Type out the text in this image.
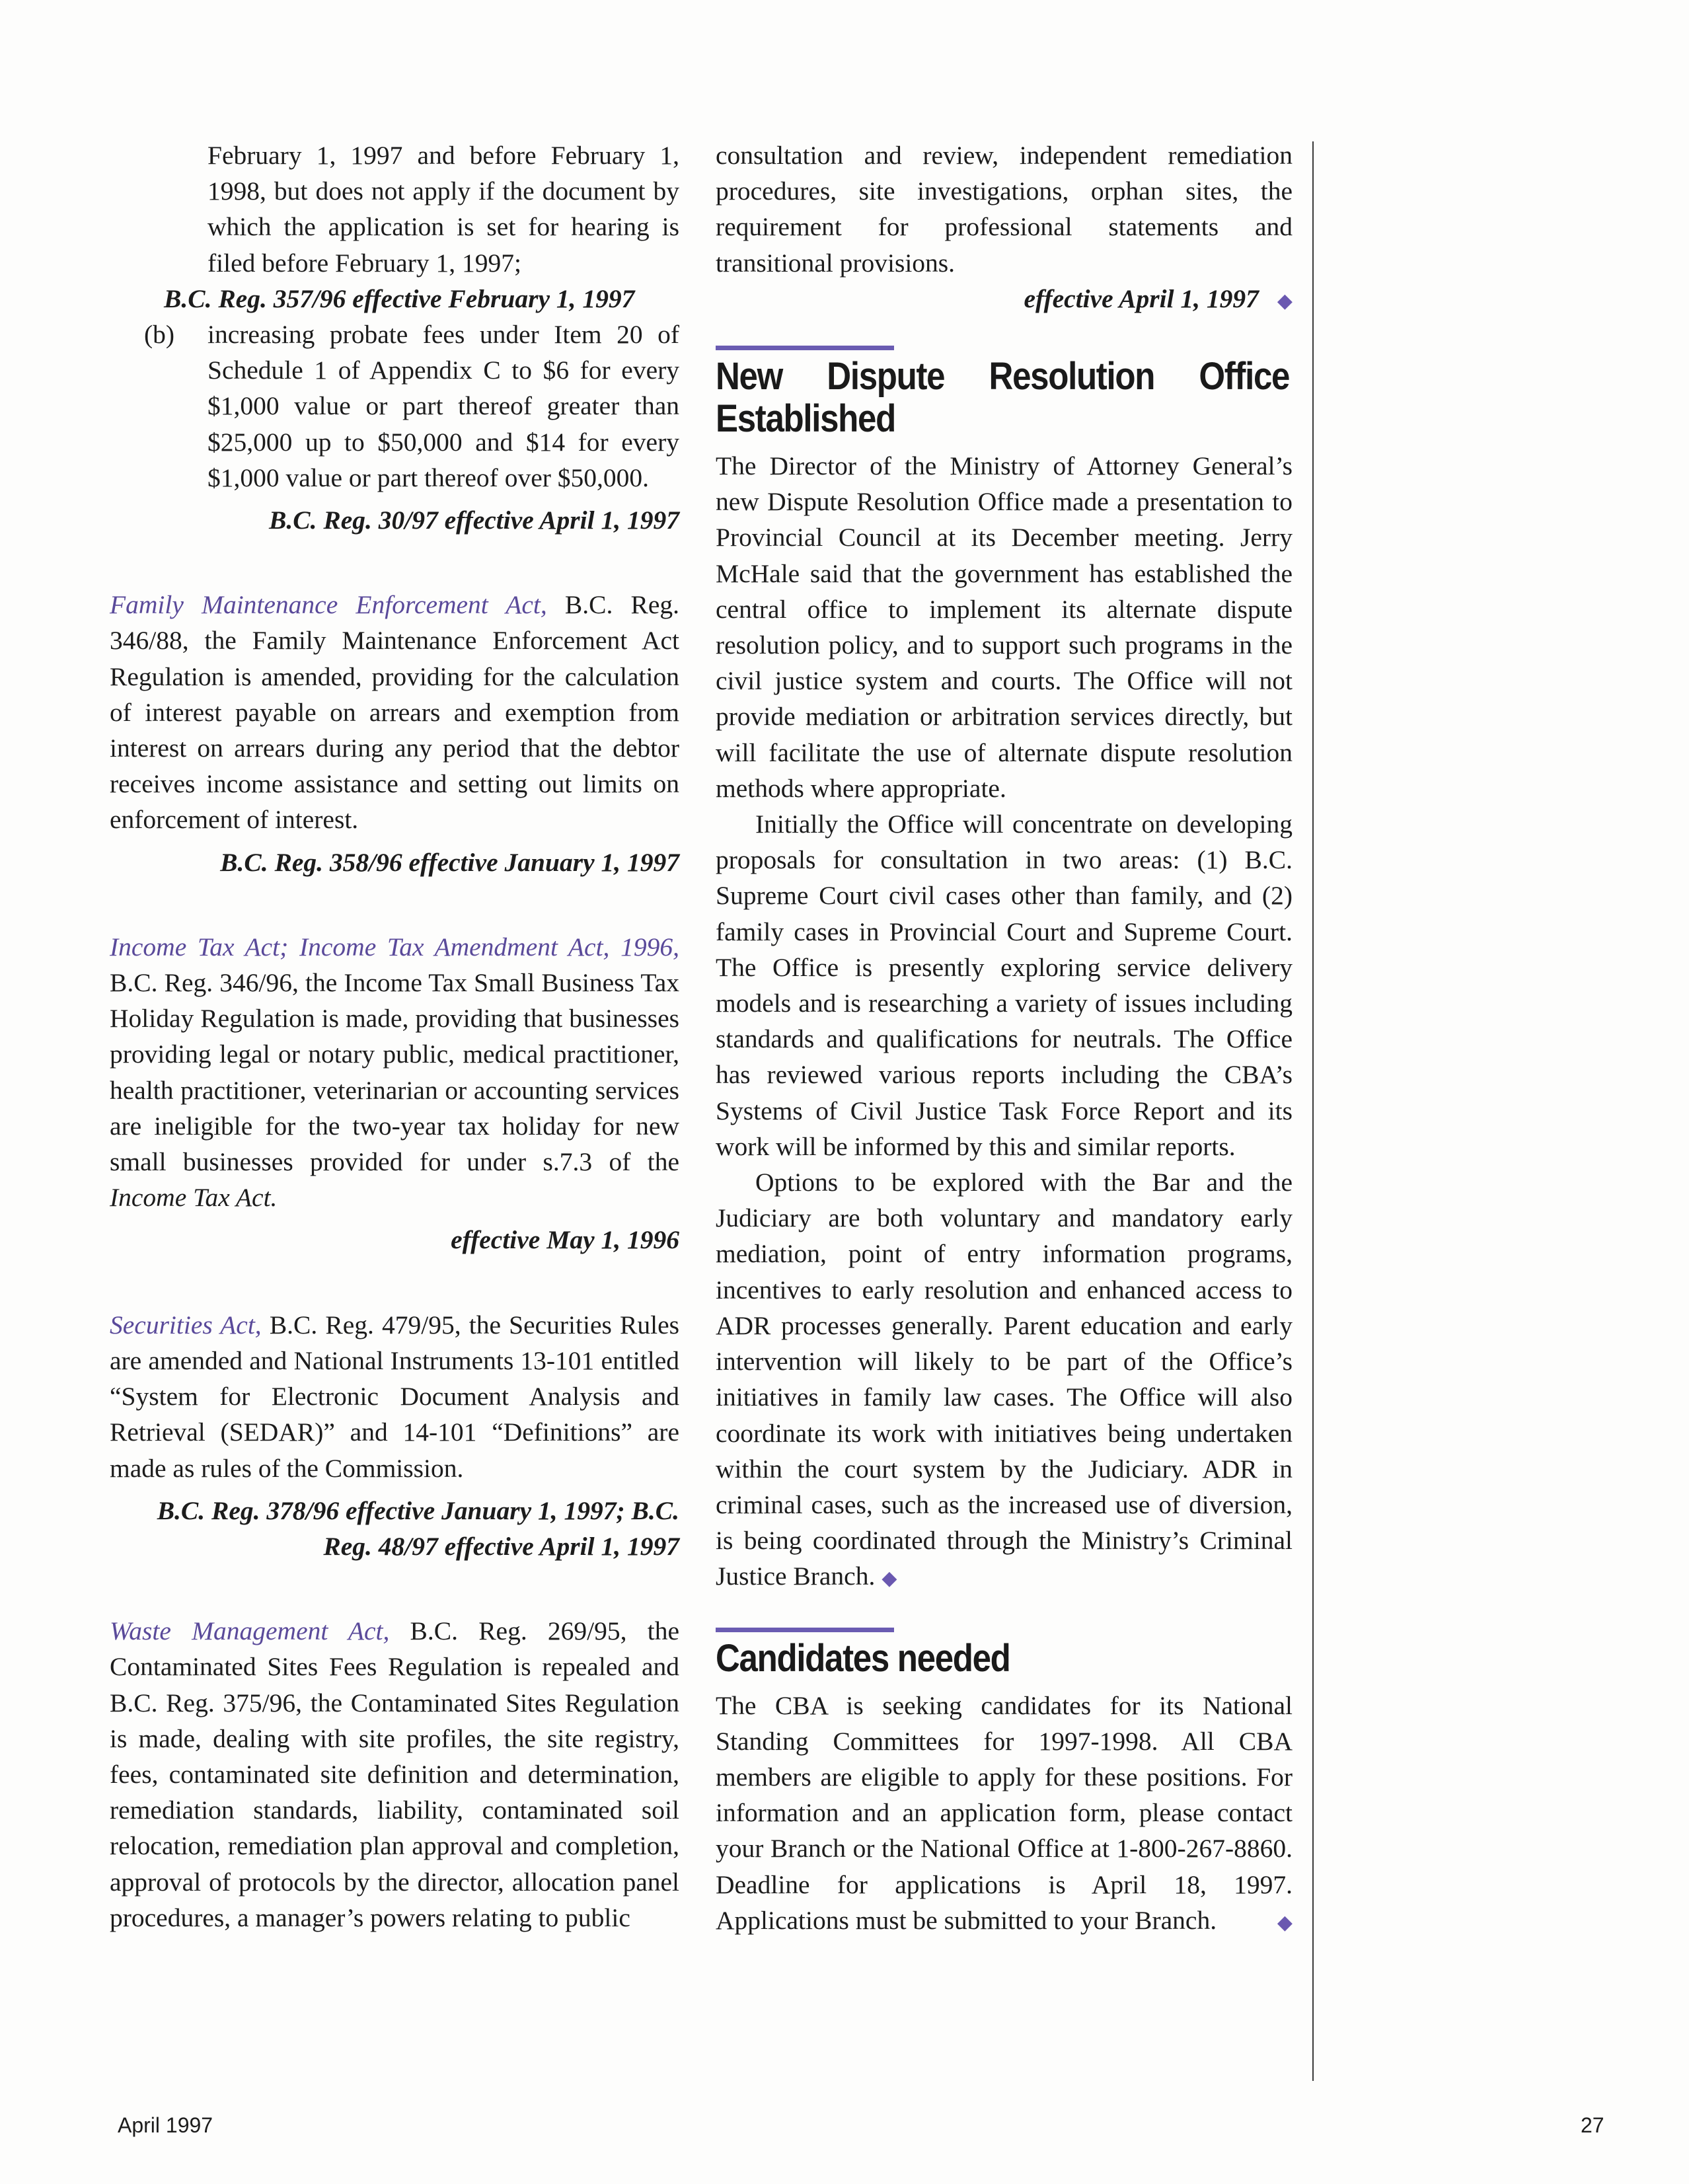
February 1, 1997 and before February 1, 1998, but does not apply if the document by which the application is set for hearing is filed before February 1, 1997;

B.C. Reg. 357/96 effective February 1, 1997

(b) increasing probate fees under Item 20 of Schedule 1 of Appendix C to $6 for every $1,000 value or part thereof greater than $25,000 up to $50,000 and $14 for every $1,000 value or part thereof over $50,000.

B.C. Reg. 30/97 effective April 1, 1997

Family Maintenance Enforcement Act, B.C. Reg. 346/88, the Family Maintenance Enforcement Act Regulation is amended, providing for the calculation of interest payable on arrears and exemption from interest on arrears during any period that the debtor receives income assistance and setting out limits on enforcement of interest.

B.C. Reg. 358/96 effective January 1, 1997

Income Tax Act; Income Tax Amendment Act, 1996, B.C. Reg. 346/96, the Income Tax Small Business Tax Holiday Regulation is made, providing that businesses providing legal or notary public, medical practitioner, health practitioner, veterinarian or accounting services are ineligible for the two-year tax holiday for new small businesses provided for under s.7.3 of the Income Tax Act.

effective May 1, 1996

Securities Act, B.C. Reg. 479/95, the Securities Rules are amended and National Instruments 13-101 entitled “System for Electronic Document Analysis and Retrieval (SEDAR)” and 14-101 “Definitions” are made as rules of the Commission.

B.C. Reg. 378/96 effective January 1, 1997; B.C.

Reg. 48/97 effective April 1, 1997

Waste Management Act, B.C. Reg. 269/95, the Contaminated Sites Fees Regulation is repealed and B.C. Reg. 375/96, the Contaminated Sites Regulation is made, dealing with site profiles, the site registry, fees, contaminated site definition and determination, remediation standards, liability, contaminated soil relocation, remediation plan approval and completion, approval of protocols by the director, allocation panel procedures, a manager’s powers relating to public

consultation and review, independent remediation procedures, site investigations, orphan sites, the requirement for professional statements and transitional provisions.

effective April 1, 1997 ◆

New Dispute Resolution Office Established

The Director of the Ministry of Attorney General’s new Dispute Resolution Office made a presentation to Provincial Council at its December meeting. Jerry McHale said that the government has established the central office to implement its alternate dispute resolution policy, and to support such programs in the civil justice system and courts. The Office will not provide mediation or arbitration services directly, but will facilitate the use of alternate dispute resolution methods where appropriate.

Initially the Office will concentrate on developing proposals for consultation in two areas: (1) B.C. Supreme Court civil cases other than family, and (2) family cases in Provincial Court and Supreme Court. The Office is presently exploring service delivery models and is researching a variety of issues including standards and qualifications for neutrals. The Office has reviewed various reports including the CBA’s Systems of Civil Justice Task Force Report and its work will be informed by this and similar reports.

Options to be explored with the Bar and the Judiciary are both voluntary and mandatory early mediation, point of entry information programs, incentives to early resolution and enhanced access to ADR processes generally. Parent education and early intervention will likely to be part of the Office’s initiatives in family law cases. The Office will also coordinate its work with initiatives being undertaken within the court system by the Judiciary. ADR in criminal cases, such as the increased use of diversion, is being coordinated through the Ministry’s Criminal Justice Branch. ◆

Candidates needed

The CBA is seeking candidates for its National Standing Committees for 1997-1998. All CBA members are eligible to apply for these positions. For information and an application form, please contact your Branch or the National Office at 1-800-267-8860. Deadline for applications is April 18, 1997. Applications must be submitted to your Branch.	◆

April 1997	27
